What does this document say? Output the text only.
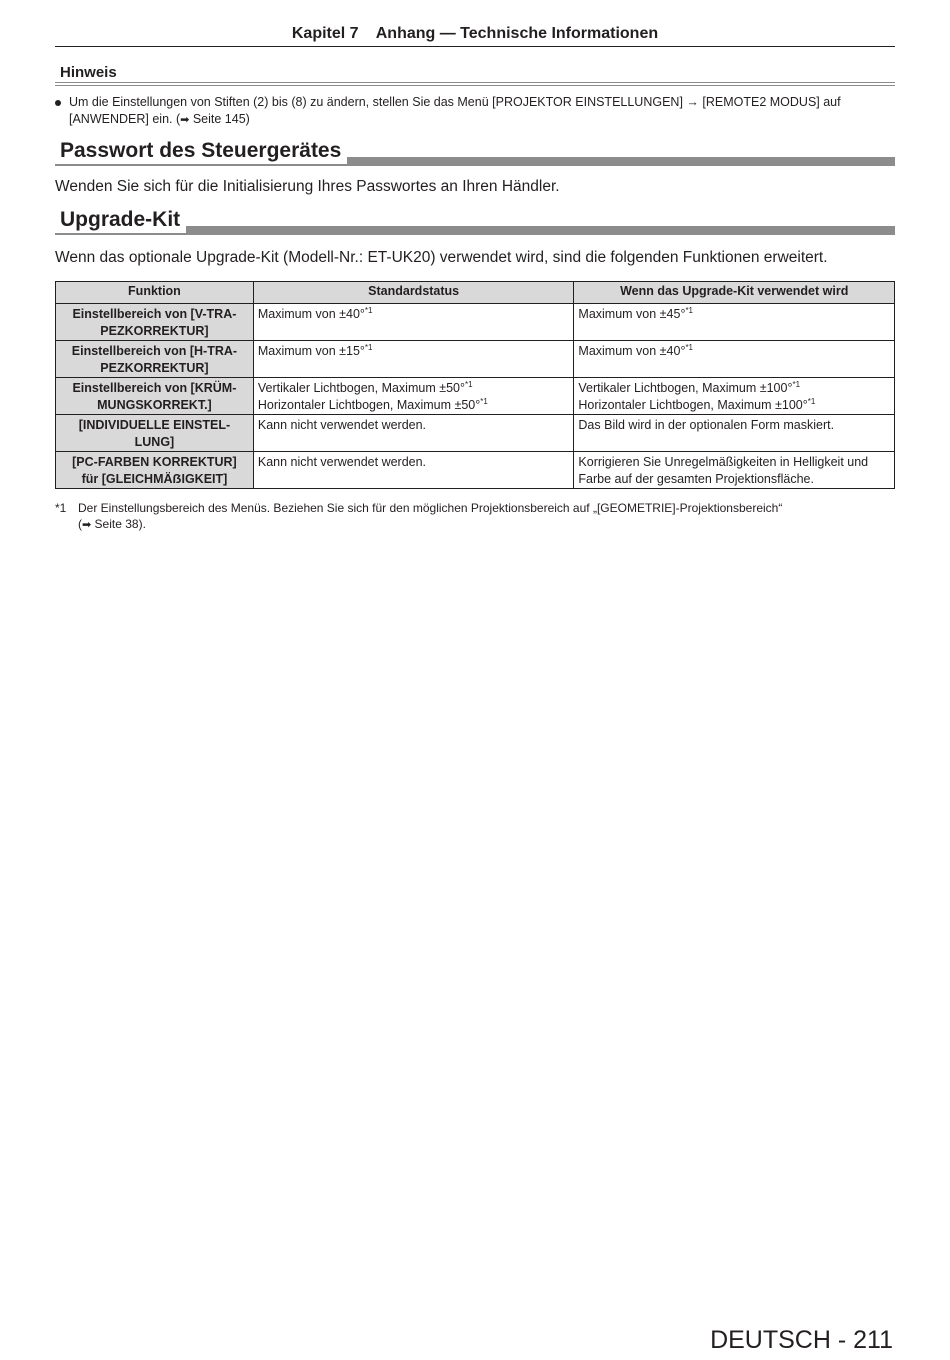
Kapitel 7    Anhang — Technische Informationen
Hinweis
Um die Einstellungen von Stiften (2) bis (8) zu ändern, stellen Sie das Menü [PROJEKTOR EINSTELLUNGEN] → [REMOTE2 MODUS] auf
[ANWENDER] ein. (➡ Seite 145)
Passwort des Steuergerätes
Wenden Sie sich für die Initialisierung Ihres Passwortes an Ihren Händler.
Upgrade-Kit
Wenn das optionale Upgrade-Kit (Modell-Nr.: ET-UK20) verwendet wird, sind die folgenden Funktionen erweitert.
Funktion	Standardstatus	Wenn das Upgrade-Kit verwendet wird

Einstellbereich von [V-TRA-
PEZKORREKTUR]	Maximum von ±40°$^{*1}$	Maximum von ±45°$^{*1}$

Einstellbereich von [H-TRA-
PEZKORREKTUR]	Maximum von ±15°$^{*1}$	Maximum von ±40°$^{*1}$

Einstellbereich von [KRÜM-
MUNGSKORREKT.]	Vertikaler Lichtbogen, Maximum ±50°$^{*1}$
Horizontaler Lichtbogen, Maximum ±50°$^{*1}$	Vertikaler Lichtbogen, Maximum ±100°$^{*1}$
Horizontaler Lichtbogen, Maximum ±100°$^{*1}$

[INDIVIDUELLE EINSTEL-
LUNG]	Kann nicht verwendet werden.	Das Bild wird in der optionalen Form maskiert.

[PC-FARBEN KORREKTUR]
für [GLEICHMÄẞIGKEIT]	Kann nicht verwendet werden.	Korrigieren Sie Unregelmäßigkeiten in Helligkeit und
Farbe auf der gesamten Projektionsfläche.
*1 Der Einstellungsbereich des Menüs. Beziehen Sie sich für den möglichen Projektionsbereich auf „[GEOMETRIE]-Projektionsbereich“
(➡ Seite 38).
DEUTSCH - 211
